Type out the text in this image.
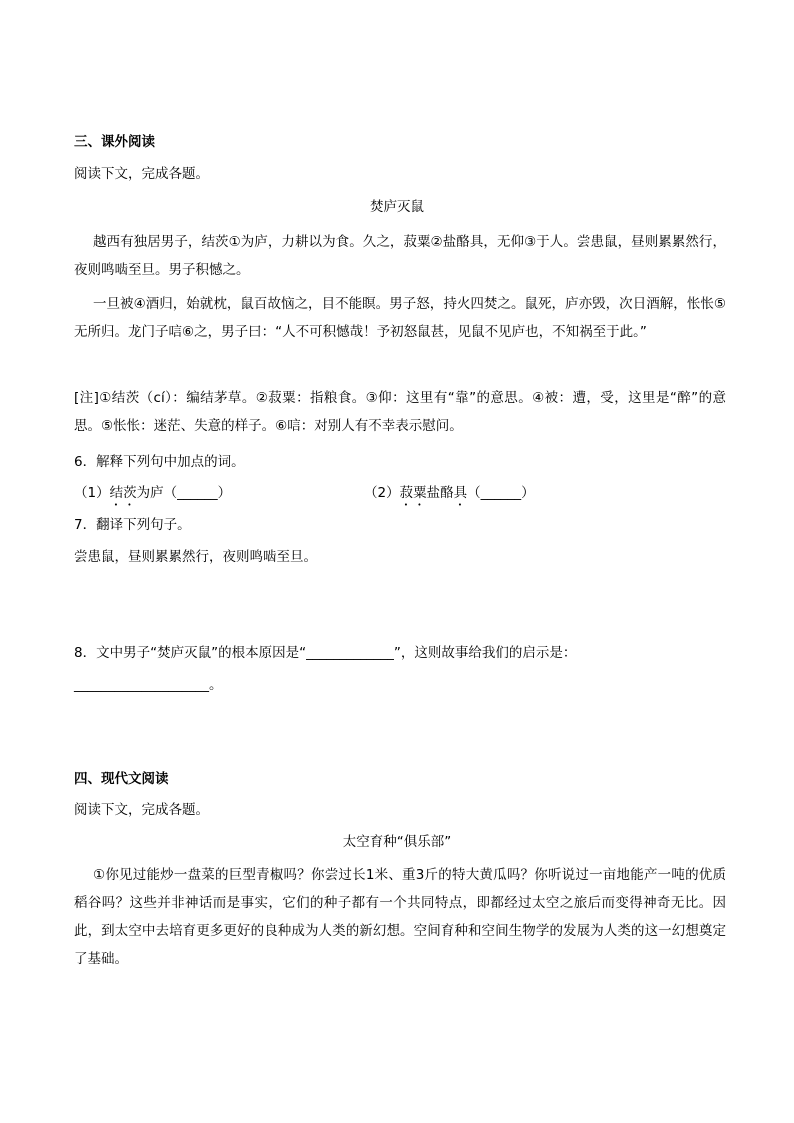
三、课外阅读
阅读下文，完成各题。
焚庐灭鼠
越西有独居男子，结茨①为庐，力耕以为食。久之，菽粟②盐酪具，无仰③于人。尝患鼠，昼则累累然行，夜则鸣啮至旦。男子积憾之。
一旦被④酒归，始就枕，鼠百故恼之，目不能瞑。男子怒，持火四焚之。鼠死，庐亦毁，次日酒解，怅怅⑤无所归。龙门子唁⑥之，男子曰：“人不可积憾哉！予初怒鼠甚，见鼠不见庐也，不知祸至于此。”
[注]①结茨（cí）：编结茅草。②菽粟：指粮食。③仰：这里有“靠”的意思。④被：遭，受，这里是“醉”的意思。⑤怅怅：迷茫、失意的样子。⑥唁：对别人有不幸表示慰问。
6．解释下列句中加点的词。
（1）结茨为庐（______）	（2）菽粟盐酪具（______）
7．翻译下列句子。
尝患鼠，昼则累累然行，夜则鸣啮至旦。
8．文中男子“焚庐灭鼠”的根本原因是“_____________”，这则故事给我们的启示是：
____________________。
四、现代文阅读
阅读下文，完成各题。
太空育种“俱乐部”
①你见过能炒一盘菜的巨型青椒吗？你尝过长1米、重3斤的特大黄瓜吗？你听说过一亩地能产一吨的优质稻谷吗？这些并非神话而是事实，它们的种子都有一个共同特点，即都经过太空之旅后而变得神奇无比。因此，到太空中去培育更多更好的良种成为人类的新幻想。空间育种和空间生物学的发展为人类的这一幻想奠定了基础。
